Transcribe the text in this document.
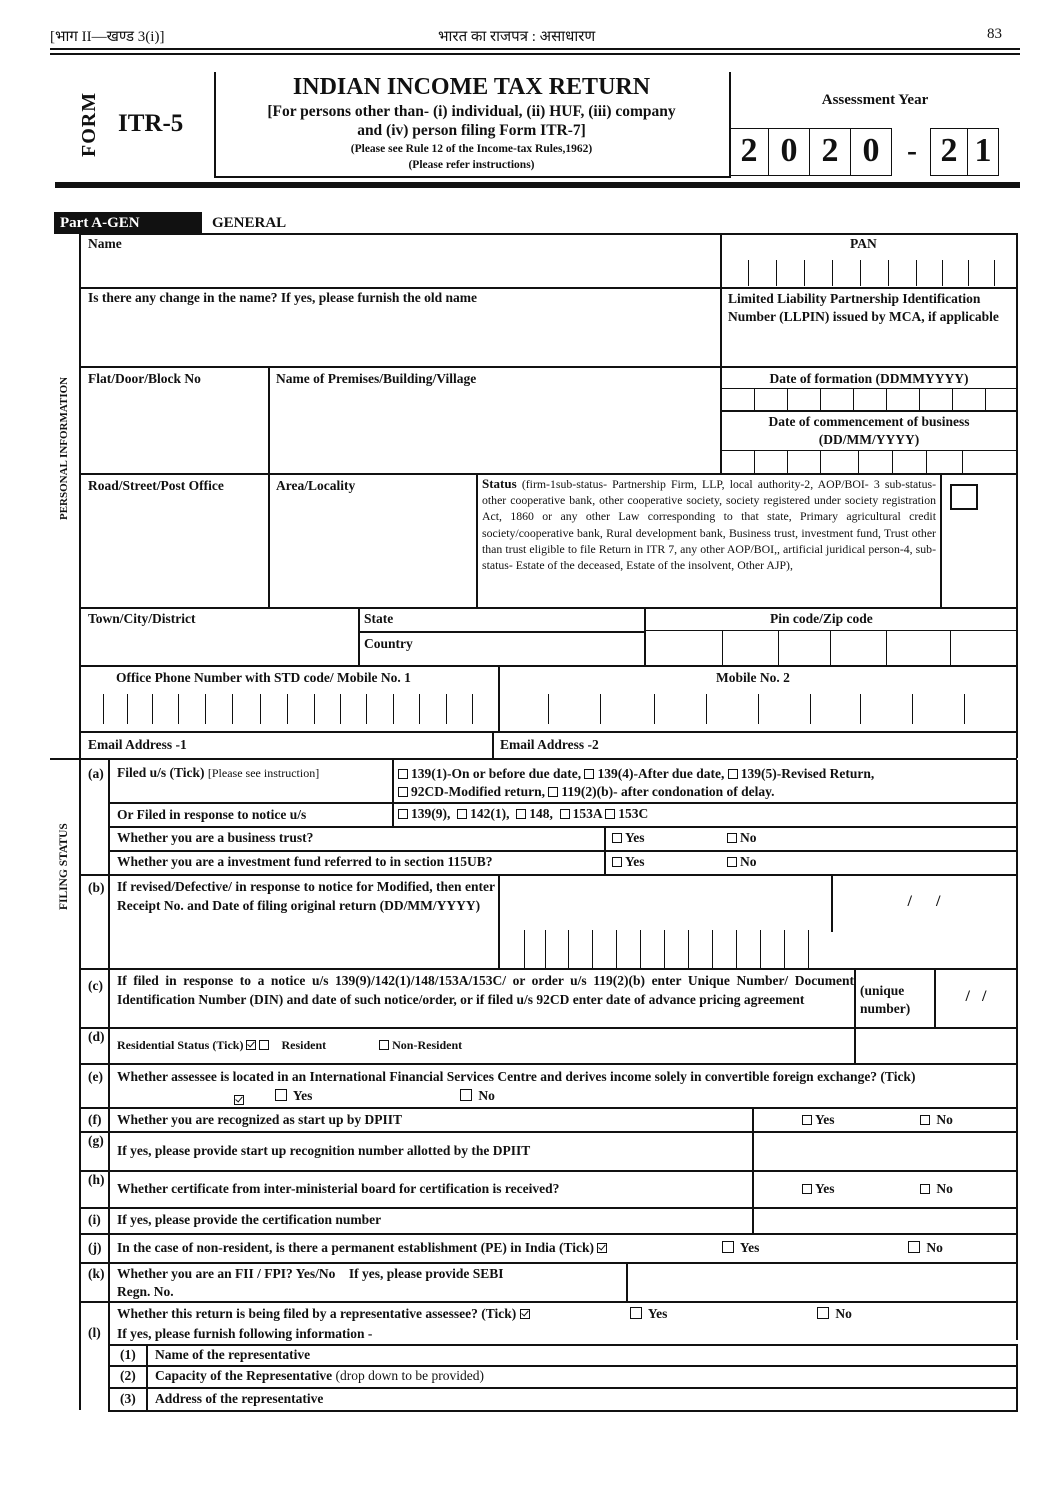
[भाग II—खण्ड 3(i)]	भारत का राजपत्र : असाधारण	83
FORM ITR-5
INDIAN INCOME TAX RETURN
[For persons other than- (i) individual, (ii) HUF, (iii) company
and (iv) person filing Form ITR-7]
(Please see Rule 12 of the Income-tax Rules,1962)
(Please refer instructions)
Assessment Year
2 0 2 0 - 2 1
Part A-GEN	GENERAL
PERSONAL INFORMATION
Name	PAN
Is there any change in the name? If yes, please furnish the old name	Limited Liability Partnership Identification Number (LLPIN) issued by MCA, if applicable
Flat/Door/Block No	Name of Premises/Building/Village	Date of formation (DDMMYYYY)
Date of commencement of business (DD/MM/YYYY)
Road/Street/Post Office	Area/Locality	Status (firm-1sub-status- Partnership Firm, LLP, local authority-2, AOP/BOI- 3 sub-status- other cooperative bank, other cooperative society, society registered under society registration Act, 1860 or any other Law corresponding to that state, Primary agricultural credit society/cooperative bank, Rural development bank, Business trust, investment fund, Trust other than trust eligible to file Return in ITR 7, any other AOP/BOI,, artificial juridical person-4, sub-status- Estate of the deceased, Estate of the insolvent, Other AJP),
Town/City/District	State
Country
Pin code/Zip code
Office Phone Number with STD code/ Mobile No. 1	Mobile No. 2
Email Address -1	Email Address -2
FILING STATUS
(a) Filed u/s (Tick) [Please see instruction]	139(1)-On or before due date, 139(4)-After due date, 139(5)-Revised Return,
92CD-Modified return, 119(2)(b)- after condonation of delay.
Or Filed in response to notice u/s	139(9), 142(1), 148, 153A 153C
Whether you are a business trust?	Yes	No
Whether you are a investment fund referred to in section 115UB?	Yes	No
(b) If revised/Defective/ in response to notice for Modified, then enter Receipt No. and Date of filing original return (DD/MM/YYYY)	/      /
(c) If filed in response to a notice u/s 139(9)/142(1)/148/153A/153C/ or order u/s 119(2)(b) enter Unique Number/ Document Identification Number (DIN) and date of such notice/order, or if filed u/s 92CD enter date of advance pricing agreement
(unique number)
/   /
(d)
Residential Status (Tick)	Resident	Non-Resident
(e) Whether assessee is located in an International Financial Services Centre and derives income solely in convertible foreign exchange? (Tick)
Yes	No
(f) Whether you are recognized as start up by DPIIT	Yes	No
(g)
If yes, please provide start up recognition number allotted by the DPIIT
(h)
Whether certificate from inter-ministerial board for certification is received?	Yes	No
(i) If yes, please provide the certification number
(j) In the case of non-resident, is there a permanent establishment (PE) in India (Tick)	Yes	No
(k) Whether you are an FII / FPI? Yes/No    If yes, please provide SEBI
Regn. No.
(l)
Whether this return is being filed by a representative assessee? (Tick)	Yes	No
If yes, please furnish following information -
(1) Name of the representative
(2) Capacity of the Representative (drop down to be provided)
(3) Address of the representative
